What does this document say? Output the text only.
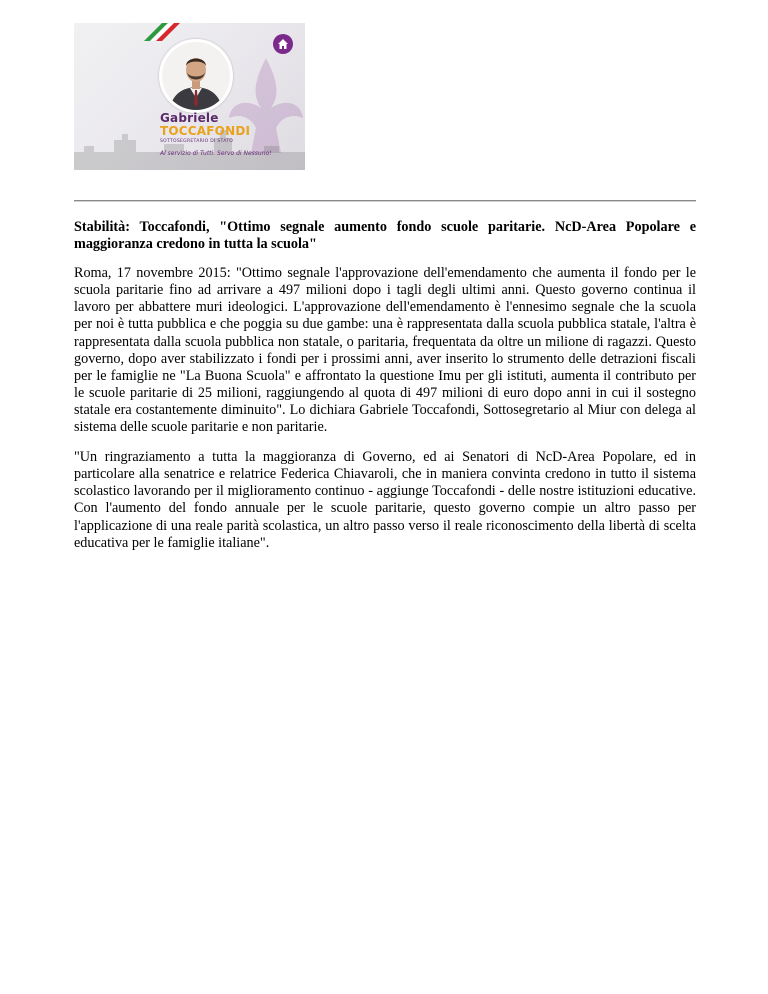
Gabriele
TOCCAFONDI
SOTTOSEGRETARIO DI STATO
Al servizio di Tutti. Servo di Nessuno!
Stabilità: Toccafondi, "Ottimo segnale aumento fondo scuole paritarie. NcD-Area Popolare e maggioranza credono in tutta la scuola"

Roma, 17 novembre 2015: "Ottimo segnale l'approvazione dell'emendamento che aumenta il fondo per le scuola paritarie fino ad arrivare a 497 milioni dopo i tagli degli ultimi anni. Questo governo continua il lavoro per abbattere muri ideologici. L'approvazione dell'emendamento è l'ennesimo segnale che la scuola per noi è tutta pubblica e che poggia su due gambe: una è rappresentata dalla scuola pubblica statale, l'altra è rappresentata dalla scuola pubblica non statale, o paritaria, frequentata da oltre un milione di ragazzi. Questo governo, dopo aver stabilizzato i fondi per i prossimi anni, aver inserito lo strumento delle detrazioni fiscali per le famiglie ne "La Buona Scuola" e affrontato la questione Imu per gli istituti, aumenta il contributo per le scuole paritarie di 25 milioni, raggiungendo al quota di 497 milioni di euro dopo anni in cui il sostegno statale era costantemente diminuito". Lo dichiara Gabriele Toccafondi, Sottosegretario al Miur con delega al sistema delle scuole paritarie e non paritarie.

"Un ringraziamento a tutta la maggioranza di Governo, ed ai Senatori di NcD-Area Popolare, ed in particolare alla senatrice e relatrice Federica Chiavaroli, che in maniera convinta credono in tutto il sistema scolastico lavorando per il miglioramento continuo - aggiunge Toccafondi - delle nostre istituzioni educative. Con l'aumento del fondo annuale per le scuole paritarie, questo governo compie un altro passo per l'applicazione di una reale parità scolastica, un altro passo verso il reale riconoscimento della libertà di scelta educativa per le famiglie italiane".
